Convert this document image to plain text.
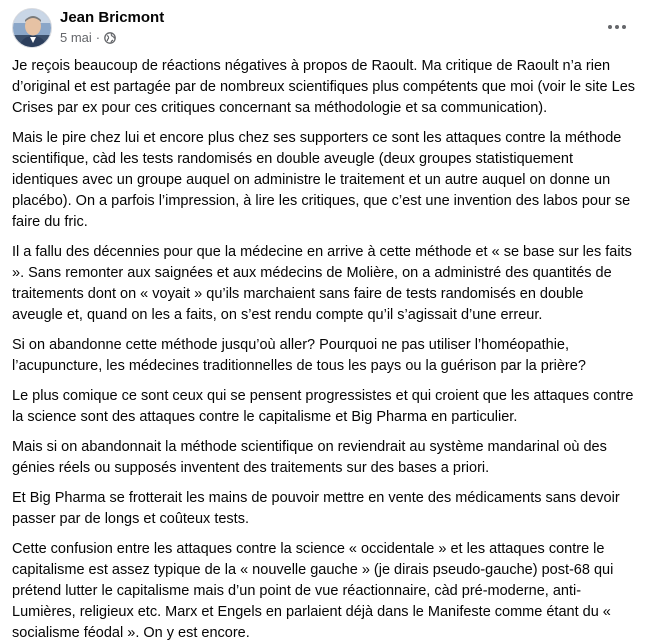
Jean Bricmont
5 mai ·

Je reçois beaucoup de réactions négatives à propos de Raoult. Ma critique de Raoult n’a rien d’original et est partagée par de nombreux scientifiques plus compétents que moi (voir le site Les Crises par ex pour ces critiques concernant sa méthodologie et sa communication).

Mais le pire chez lui et encore plus chez ses supporters ce sont les attaques contre la méthode scientifique, càd les tests randomisés en double aveugle (deux groupes statistiquement identiques avec un groupe auquel on administre le traitement et un autre auquel on donne un placébo). On a parfois l’impression, à lire les critiques, que c’est une invention des labos pour se faire du fric.

Il a fallu des décennies pour que la médecine en arrive à cette méthode et « se base sur les faits ». Sans remonter aux saignées et aux médecins de Molière, on a administré des quantités de traitements dont on « voyait » qu’ils marchaient sans faire de tests randomisés en double aveugle et, quand on les a faits, on s’est rendu compte qu’il s’agissait d’une erreur.

Si on abandonne cette méthode jusqu’où aller? Pourquoi ne pas utiliser l’homéopathie, l’acupuncture, les médecines traditionnelles de tous les pays ou la guérison par la prière?

Le plus comique ce sont ceux qui se pensent progressistes et qui croient que les attaques contre la science sont des attaques contre le capitalisme et Big Pharma en particulier.

Mais si on abandonnait la méthode scientifique on reviendrait au système mandarinal où des génies réels ou supposés inventent des traitements sur des bases a priori.

Et Big Pharma se frotterait les mains de pouvoir mettre en vente des médicaments sans devoir passer par de longs et coûteux tests.

Cette confusion entre les attaques contre la science « occidentale » et les attaques contre le capitalisme est assez typique de la « nouvelle gauche » (je dirais pseudo-gauche) post-68 qui prétend lutter le capitalisme mais d’un point de vue réactionnaire, càd pré-moderne, anti-Lumières, religieux etc. Marx et Engels en parlaient déjà dans le Manifeste comme étant du « socialisme féodal ». On y est encore.
